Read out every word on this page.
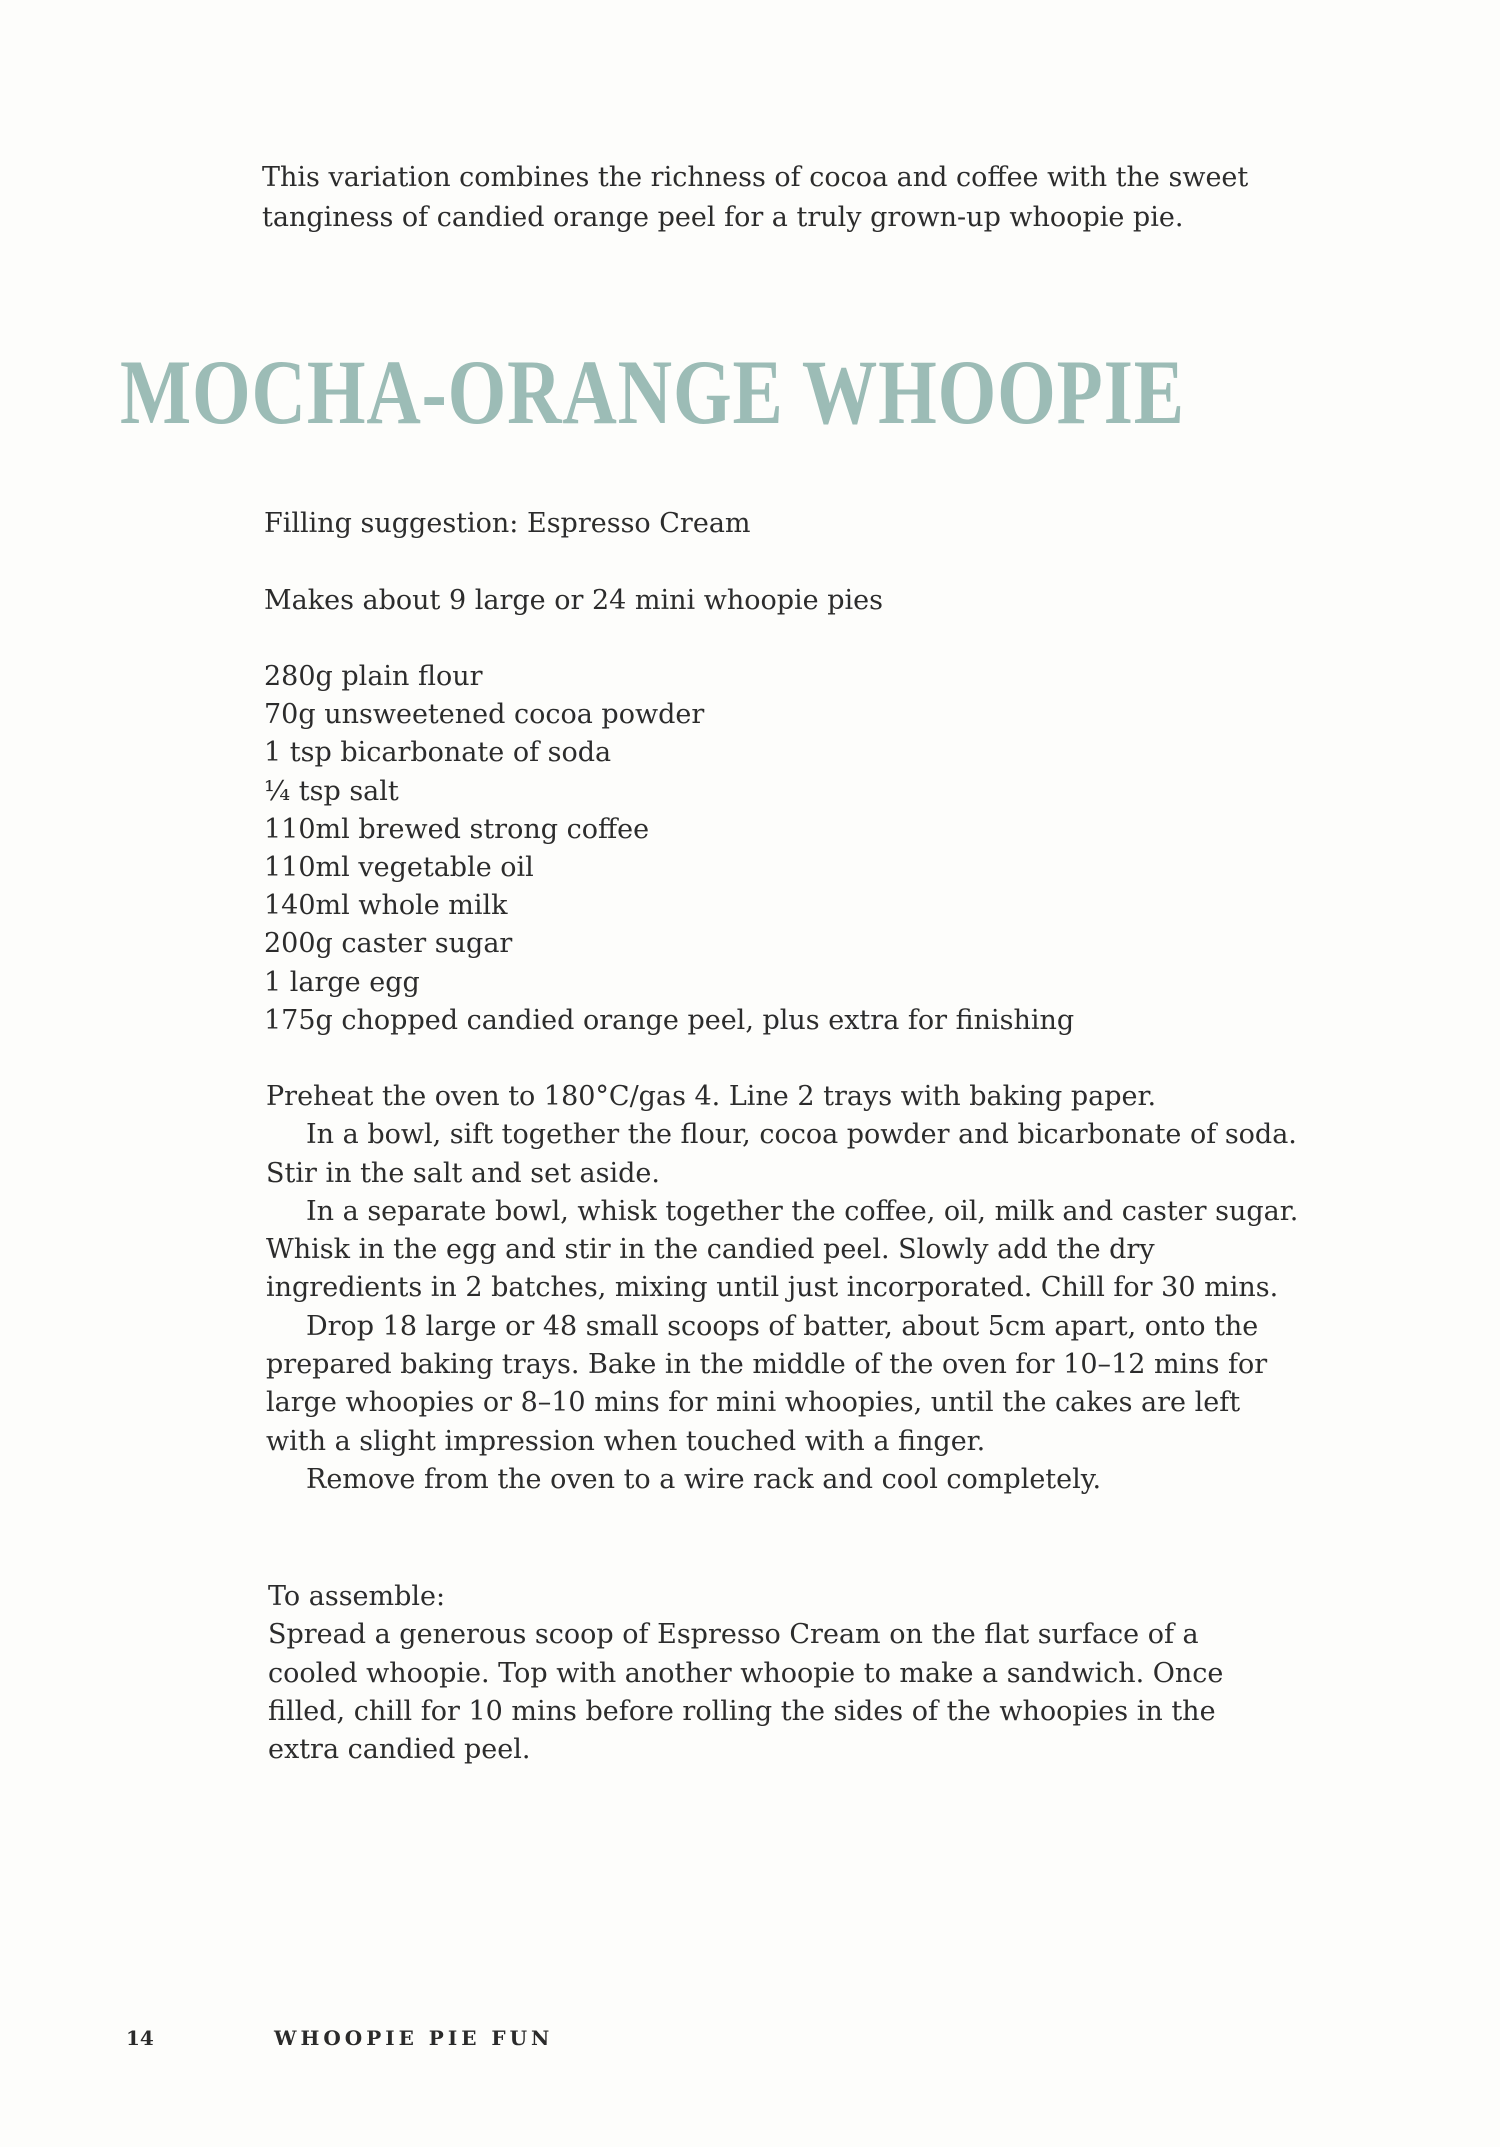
This variation combines the richness of cocoa and coffee with the sweet tanginess of candied orange peel for a truly grown-up whoopie pie.

MOCHA-ORANGE WHOOPIE

Filling suggestion: Espresso Cream

Makes about 9 large or 24 mini whoopie pies

280g plain flour
70g unsweetened cocoa powder
1 tsp bicarbonate of soda
¼ tsp salt
110ml brewed strong coffee
110ml vegetable oil
140ml whole milk
200g caster sugar
1 large egg
175g chopped candied orange peel, plus extra for finishing

Preheat the oven to 180°C/gas 4. Line 2 trays with baking paper.

In a bowl, sift together the flour, cocoa powder and bicarbonate of soda. Stir in the salt and set aside.

In a separate bowl, whisk together the coffee, oil, milk and caster sugar. Whisk in the egg and stir in the candied peel. Slowly add the dry ingredients in 2 batches, mixing until just incorporated. Chill for 30 mins.

Drop 18 large or 48 small scoops of batter, about 5cm apart, onto the prepared baking trays. Bake in the middle of the oven for 10–12 mins for large whoopies or 8–10 mins for mini whoopies, until the cakes are left with a slight impression when touched with a finger.

Remove from the oven to a wire rack and cool completely.

To assemble:

Spread a generous scoop of Espresso Cream on the flat surface of a cooled whoopie. Top with another whoopie to make a sandwich. Once filled, chill for 10 mins before rolling the sides of the whoopies in the extra candied peel.

14	WHOOPIE PIE FUN
